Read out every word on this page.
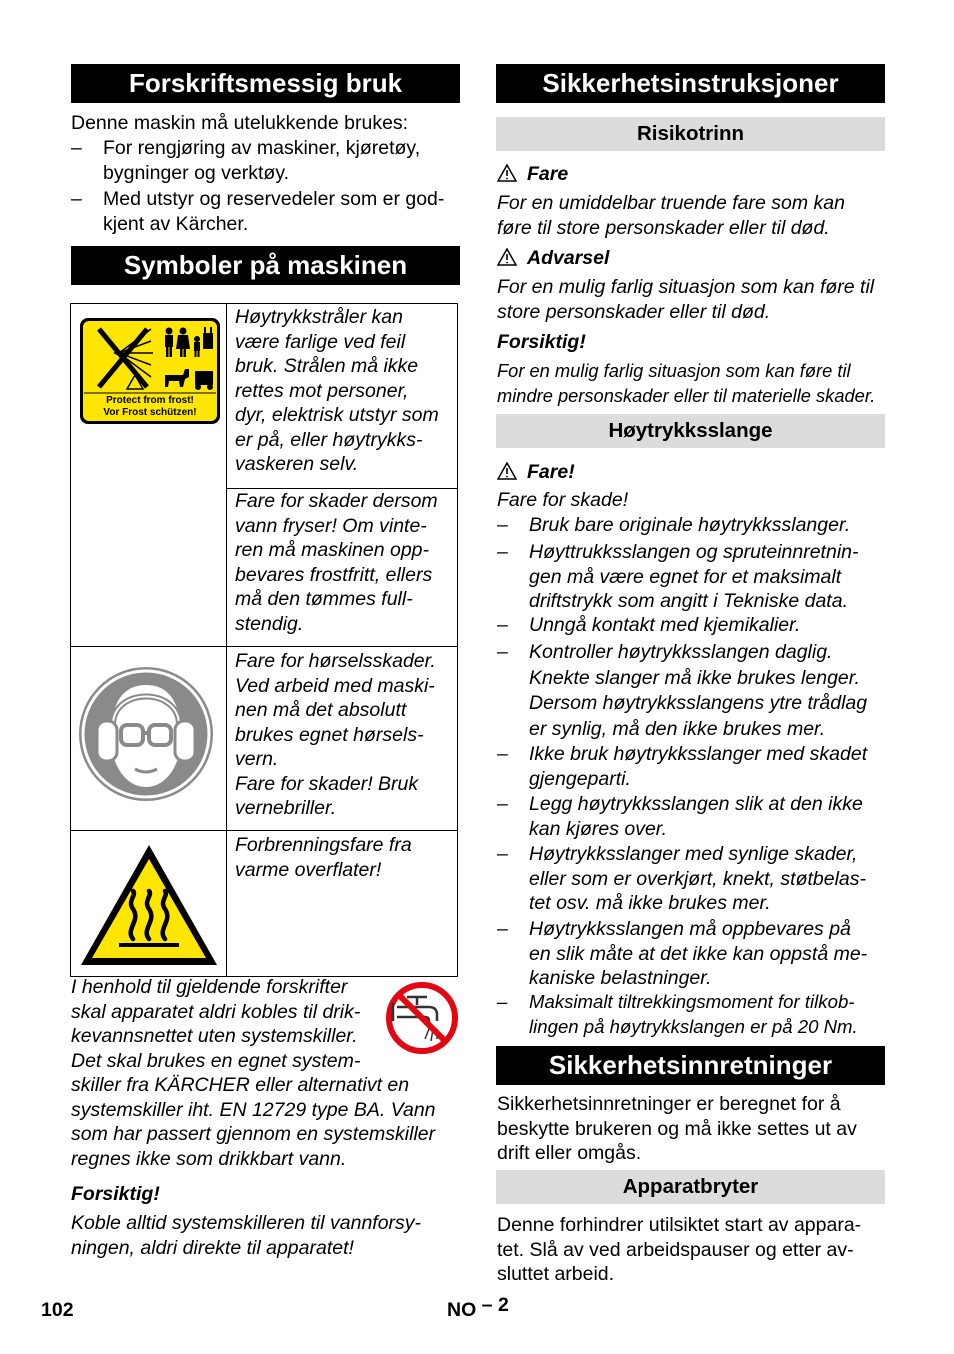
Forskriftsmessig bruk

Denne maskin må utelukkende brukes:

– For rengjøring av maskiner, kjøretøy,
bygninger og verktøy.
– Med utstyr og reservedeler som er god-
kjent av Kärcher.
Symboler på maskinen
Protect from frost!
Vor Frost schützen!
Høytrykkstråler kan
være farlige ved feil
bruk. Strålen må ikke
rettes mot personer,
dyr, elektrisk utstyr som
er på, eller høytrykks-
vaskeren selv.
Fare for skader dersom
vann fryser! Om vinte-
ren må maskinen opp-
bevares frostfritt, ellers
må den tømmes full-
stendig.
Fare for hørselsskader.
Ved arbeid med maski-
nen må det absolutt
brukes egnet hørsels-
vern.
Fare for skader! Bruk
vernebriller.
Forbrenningsfare fra
varme overflater!
I henhold til gjeldende forskrifter
skal apparatet aldri kobles til drik-
kevannsnettet uten systemskiller.
Det skal brukes en egnet system-
skiller fra KÄRCHER eller alternativt en
systemskiller iht. EN 12729 type BA. Vann
som har passert gjennom en systemskiller
regnes ikke som drikkbart vann.

Forsiktig!

Koble alltid systemskilleren til vannforsy-
ningen, aldri direkte til apparatet!
Sikkerhetsinstruksjoner
Risikotrinn
Fare
For en umiddelbar truende fare som kan
føre til store personskader eller til død.
Advarsel
For en mulig farlig situasjon som kan føre til
store personskader eller til død.

Forsiktig!

For en mulig farlig situasjon som kan føre til
mindre personskader eller til materielle skader.
Høytrykksslange
Fare!

Fare for skade!

– Bruk bare originale høytrykksslanger.
– Høyttrukksslangen og spruteinnretnin-
gen må være egnet for et maksimalt
driftstrykk som angitt i Tekniske data.
– Unngå kontakt med kjemikalier.
– Kontroller høytrykksslangen daglig.
Knekte slanger må ikke brukes lenger.
Dersom høytrykksslangens ytre trådlag
er synlig, må den ikke brukes mer.
– Ikke bruk høytrykksslanger med skadet
gjengeparti.
– Legg høytrykksslangen slik at den ikke
kan kjøres over.
– Høytrykksslanger med synlige skader,
eller som er overkjørt, knekt, støtbelas-
tet osv. må ikke brukes mer.
– Høytrykksslangen må oppbevares på
en slik måte at det ikke kan oppstå me-
kaniske belastninger.
– Maksimalt tiltrekkingsmoment for tilkob-
lingen på høytrykkslangen er på 20 Nm.
Sikkerhetsinnretninger
Sikkerhetsinnretninger er beregnet for å
beskytte brukeren og må ikke settes ut av
drift eller omgås.
Apparatbryter
Denne forhindrer utilsiktet start av appara-
tet. Slå av ved arbeidspauser og etter av-
sluttet arbeid.
102	NO – 2
